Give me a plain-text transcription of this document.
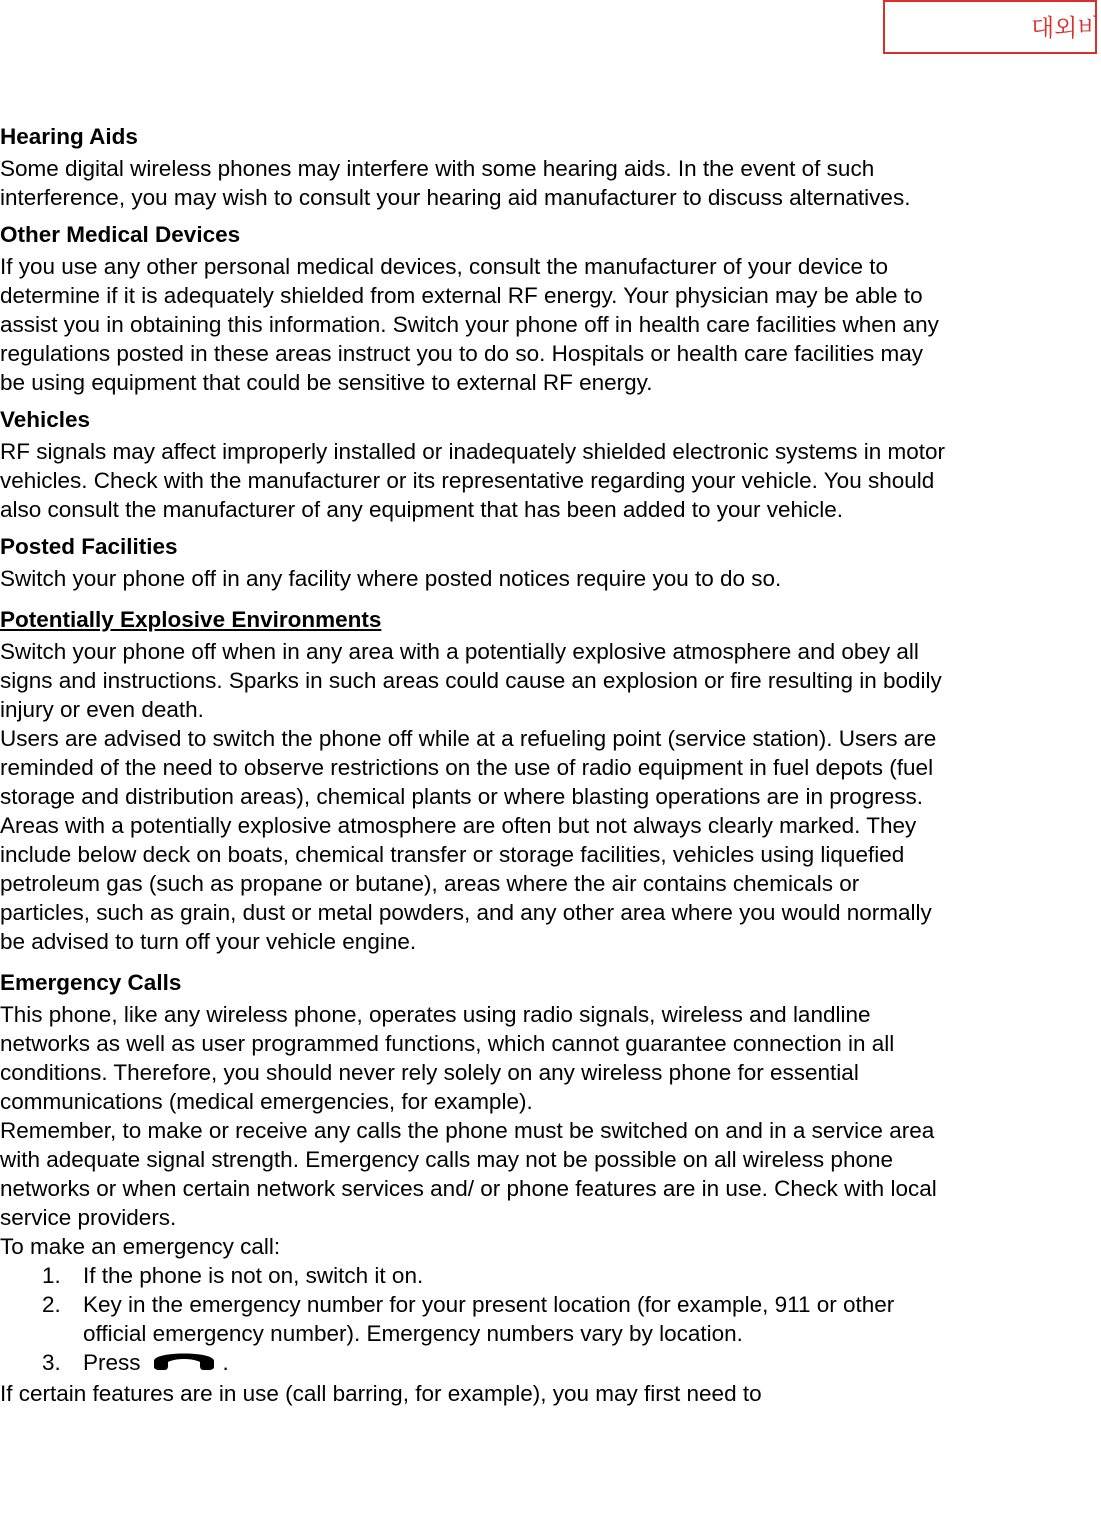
대외비
Hearing Aids

Some digital wireless phones may interfere with some hearing aids. In the event of such interference, you may wish to consult your hearing aid manufacturer to discuss alternatives.

Other Medical Devices

If you use any other personal medical devices, consult the manufacturer of your device to determine if it is adequately shielded from external RF energy. Your physician may be able to assist you in obtaining this information. Switch your phone off in health care facilities when any regulations posted in these areas instruct you to do so. Hospitals or health care facilities may be using equipment that could be sensitive to external RF energy.

Vehicles

RF signals may affect improperly installed or inadequately shielded electronic systems in motor vehicles. Check with the manufacturer or its representative regarding your vehicle. You should also consult the manufacturer of any equipment that has been added to your vehicle.

Posted Facilities

Switch your phone off in any facility where posted notices require you to do so.

Potentially Explosive Environments

Switch your phone off when in any area with a potentially explosive atmosphere and obey all signs and instructions. Sparks in such areas could cause an explosion or fire resulting in bodily injury or even death.

Users are advised to switch the phone off while at a refueling point (service station). Users are reminded of the need to observe restrictions on the use of radio equipment in fuel depots (fuel storage and distribution areas), chemical plants or where blasting operations are in progress.

Areas with a potentially explosive atmosphere are often but not always clearly marked. They include below deck on boats, chemical transfer or storage facilities, vehicles using liquefied petroleum gas (such as propane or butane), areas where the air contains chemicals or particles, such as grain, dust or metal powders, and any other area where you would normally be advised to turn off your vehicle engine.

Emergency Calls

This phone, like any wireless phone, operates using radio signals, wireless and landline networks as well as user programmed functions, which cannot guarantee connection in all conditions. Therefore, you should never rely solely on any wireless phone for essential communications (medical emergencies, for example).

Remember, to make or receive any calls the phone must be switched on and in a service area with adequate signal strength. Emergency calls may not be possible on all wireless phone networks or when certain network services and/ or phone features are in use. Check with local service providers.

To make an emergency call:

1. If the phone is not on, switch it on.
2. Key in the emergency number for your present location (for example, 911 or other official emergency number). Emergency numbers vary by location.
3. Press	.

If certain features are in use (call barring, for example), you may first need to
